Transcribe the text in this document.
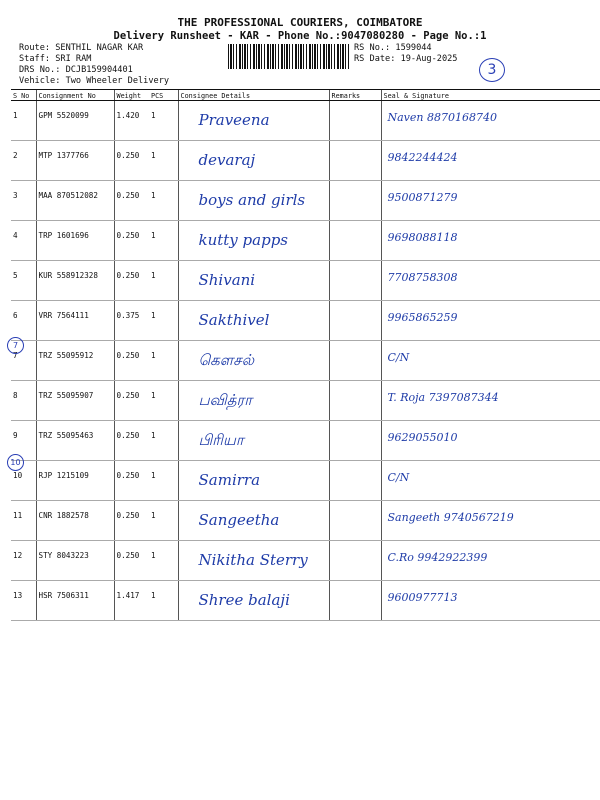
THE PROFESSIONAL COURIERS, COIMBATORE
Delivery Runsheet - KAR - Phone No.:9047080280 - Page No.:1
Route: SENTHIL NAGAR KAR
Staff: SRI RAM
DRS No.: DCJB159904401
Vehicle: Two Wheeler Delivery
RS No.: 1599044
RS Date: 19-Aug-2025
3
S No	Consignment No	Weight	PCS	Consignee Details	Remarks	Seal & Signature
1	GPM 5520099	1.420	1	Praveena		Naven 8870168740
2	MTP 1377766	0.250	1	devaraj		9842244424
3	MAA 870512082	0.250	1	boys and girls		9500871279
4	TRP 1601696	0.250	1	kutty papps		9698088118
5	KUR 558912328	0.250	1	Shivani		7708758308
6	VRR 7564111	0.375	1	Sakthivel		9965865259
7	TRZ 55095912	0.250	1	கௌசல்		C/N
8	TRZ 55095907	0.250	1	பவித்ரா		T. Roja 7397087344
9	TRZ 55095463	0.250	1	பிரியா		9629055010
10	RJP 1215109	0.250	1	Samirra		C/N
11	CNR 1882578	0.250	1	Sangeetha		Sangeeth 9740567219
12	STY 8043223	0.250	1	Nikitha Sterry		C.Ro 9942922399
13	HSR 7506311	1.417	1	Shree balaji		9600977713
7
10
